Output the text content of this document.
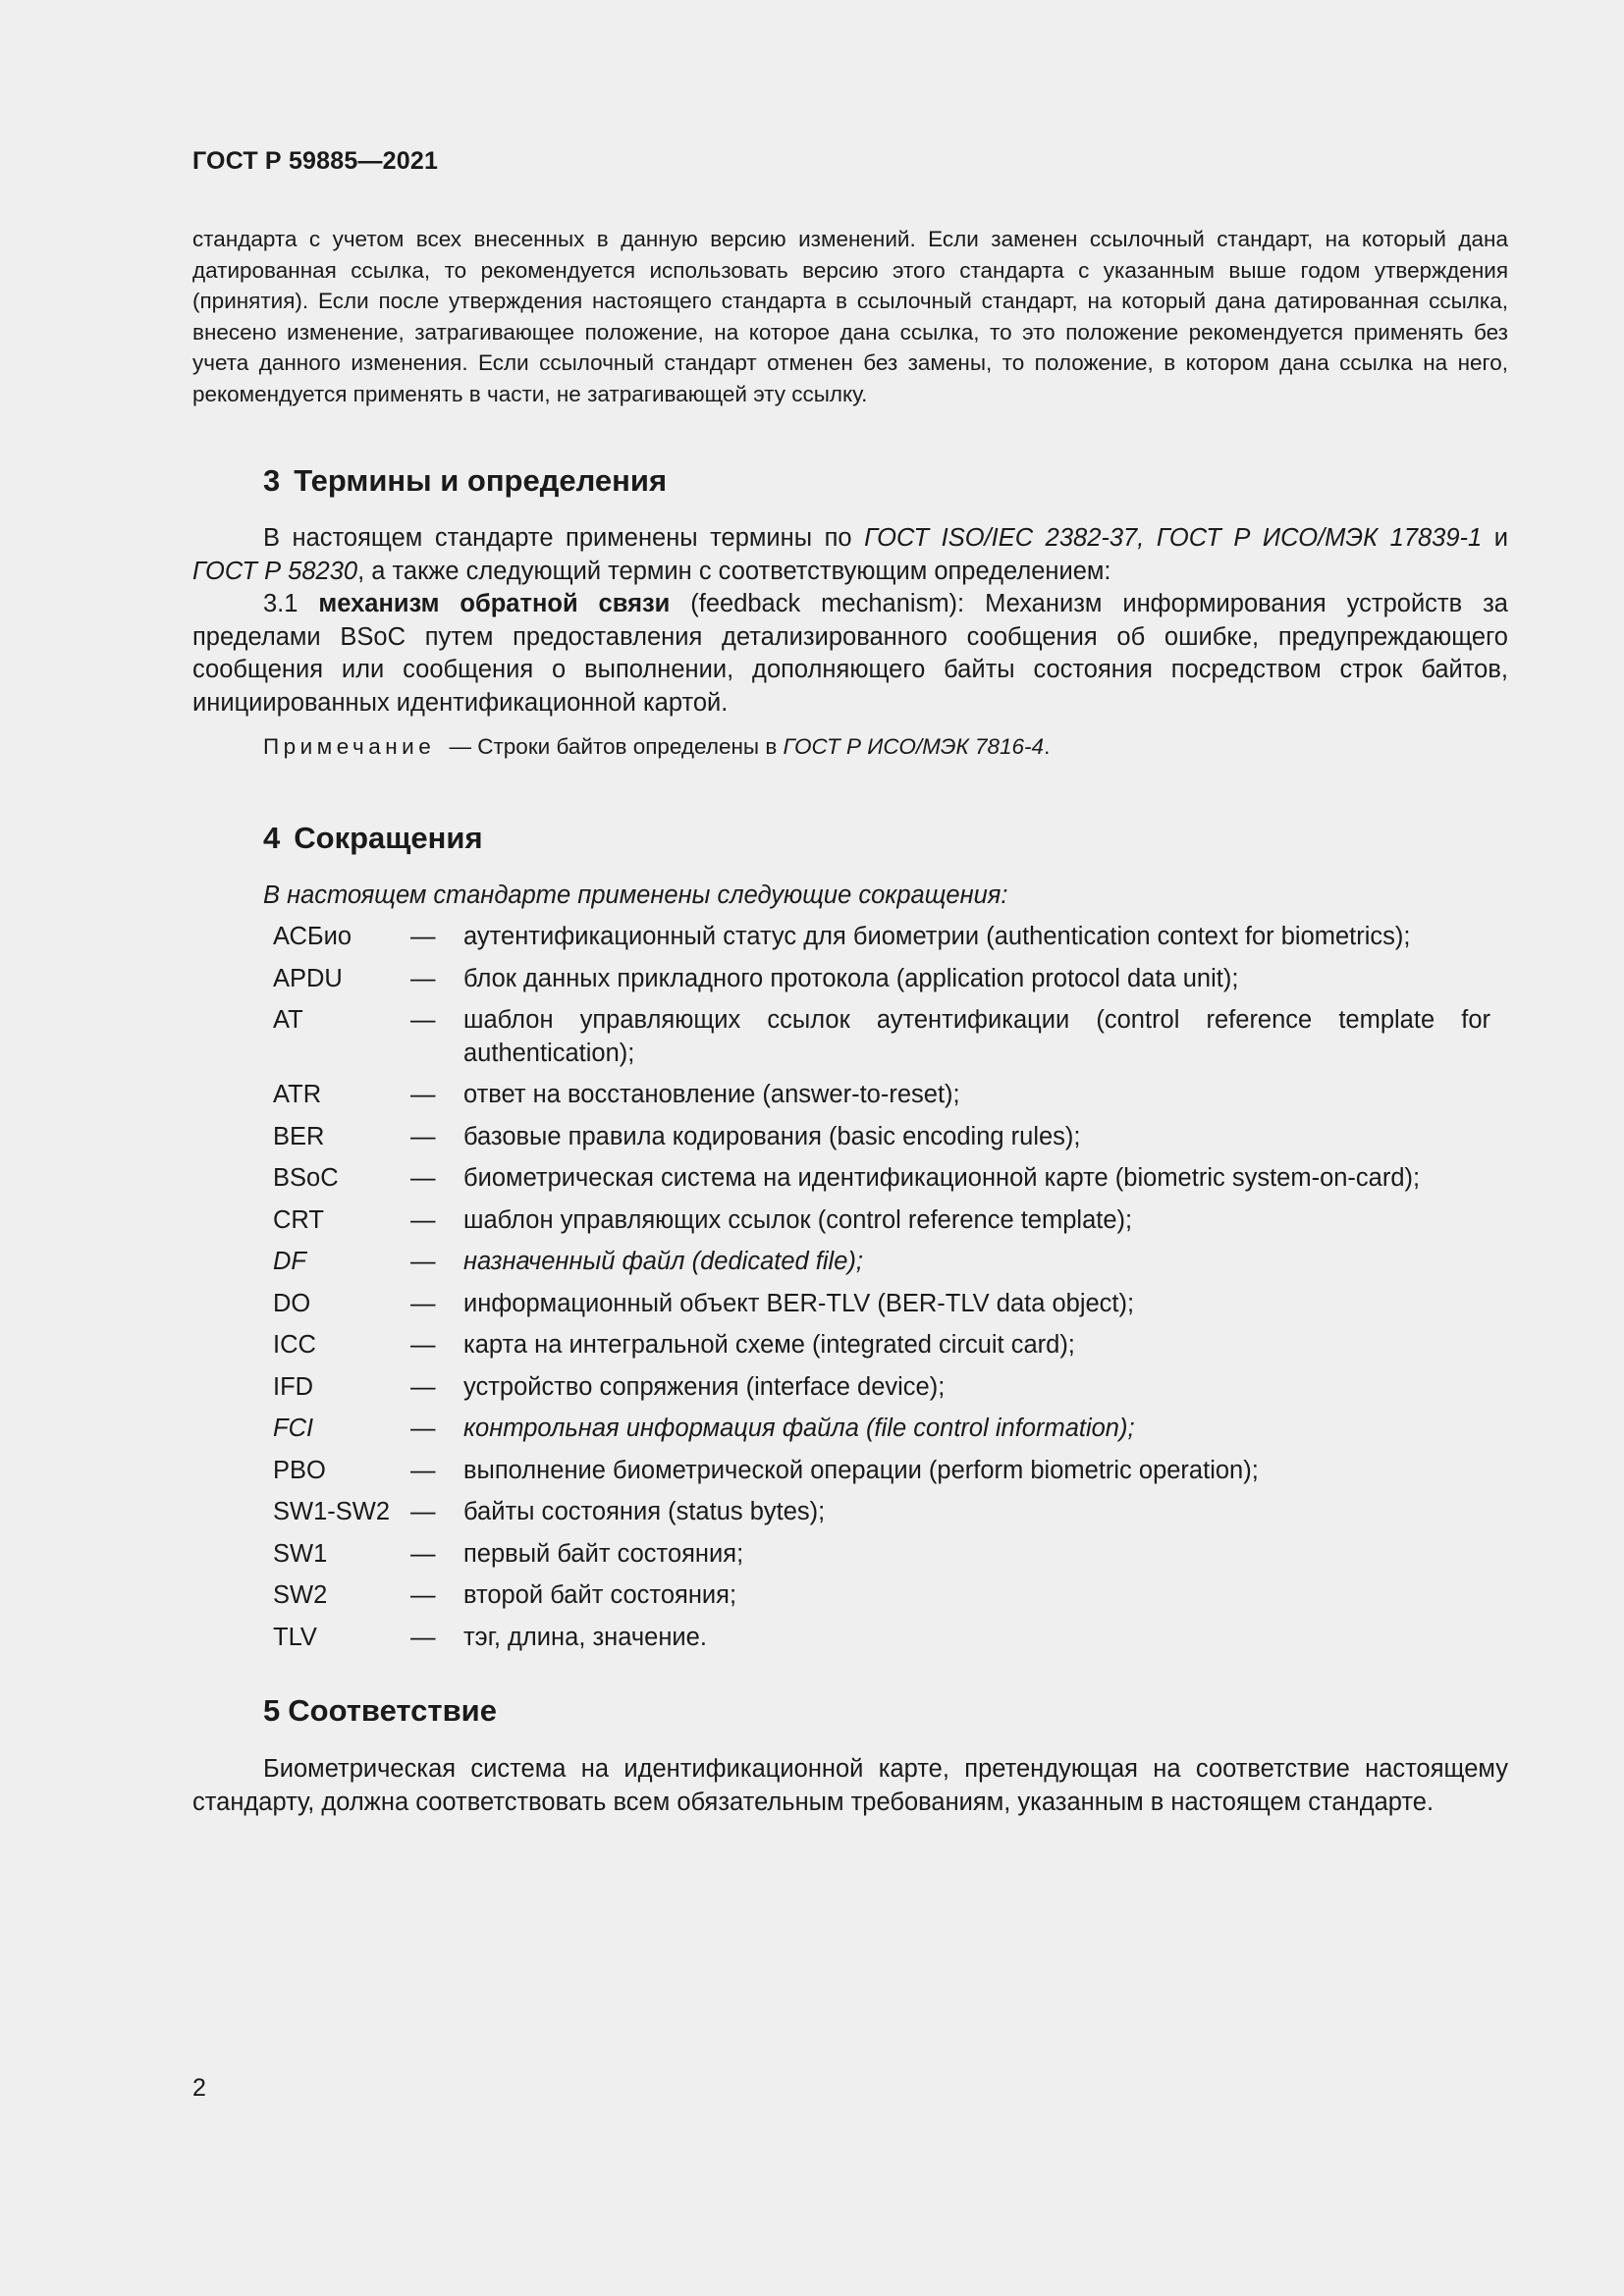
ГОСТ Р 59885—2021
стандарта с учетом всех внесенных в данную версию изменений. Если заменен ссылочный стандарт, на который дана датированная ссылка, то рекомендуется использовать версию этого стандарта с указанным выше годом утверждения (принятия). Если после утверждения настоящего стандарта в ссылочный стандарт, на который дана датированная ссылка, внесено изменение, затрагивающее положение, на которое дана ссылка, то это положение рекомендуется применять без учета данного изменения. Если ссылочный стандарт отменен без замены, то положение, в котором дана ссылка на него, рекомендуется применять в части, не затрагивающей эту ссылку.
3 Термины и определения

В настоящем стандарте применены термины по ГОСТ ISO/IEC 2382-37, ГОСТ Р ИСО/МЭК 17839-1 и ГОСТ Р 58230, а также следующий термин с соответствующим определением:

3.1 механизм обратной связи (feedback mechanism): Механизм информирования устройств за пределами BSoC путем предоставления детализированного сообщения об ошибке, предупреждающего сообщения или сообщения о выполнении, дополняющего байты состояния посредством строк байтов, инициированных идентификационной картой.

Примечание — Строки байтов определены в ГОСТ Р ИСО/МЭК 7816-4.
4 Сокращения
В настоящем стандарте применены следующие сокращения:
АСБио	—	аутентификационный статус для биометрии (authentication context for biometrics);
APDU	—	блок данных прикладного протокола (application protocol data unit);
AT	—	шаблон управляющих ссылок аутентификации (control reference template for authentication);
ATR	—	ответ на восстановление (answer-to-reset);
BER	—	базовые правила кодирования (basic encoding rules);
BSoC	—	биометрическая система на идентификационной карте (biometric system-on-card);
CRT	—	шаблон управляющих ссылок (control reference template);
DF	—	назначенный файл (dedicated file);
DO	—	информационный объект BER-TLV (BER-TLV data object);
ICC	—	карта на интегральной схеме (integrated circuit card);
IFD	—	устройство сопряжения (interface device);
FCI	—	контрольная информация файла (file control information);
PBO	—	выполнение биометрической операции (perform biometric operation);
SW1-SW2 —	байты состояния (status bytes);
SW1	—	первый байт состояния;
SW2	—	второй байт состояния;
TLV	—	тэг, длина, значение.
5 Соответствие

Биометрическая система на идентификационной карте, претендующая на соответствие настоящему стандарту, должна соответствовать всем обязательным требованиям, указанным в настоящем стандарте.

2
